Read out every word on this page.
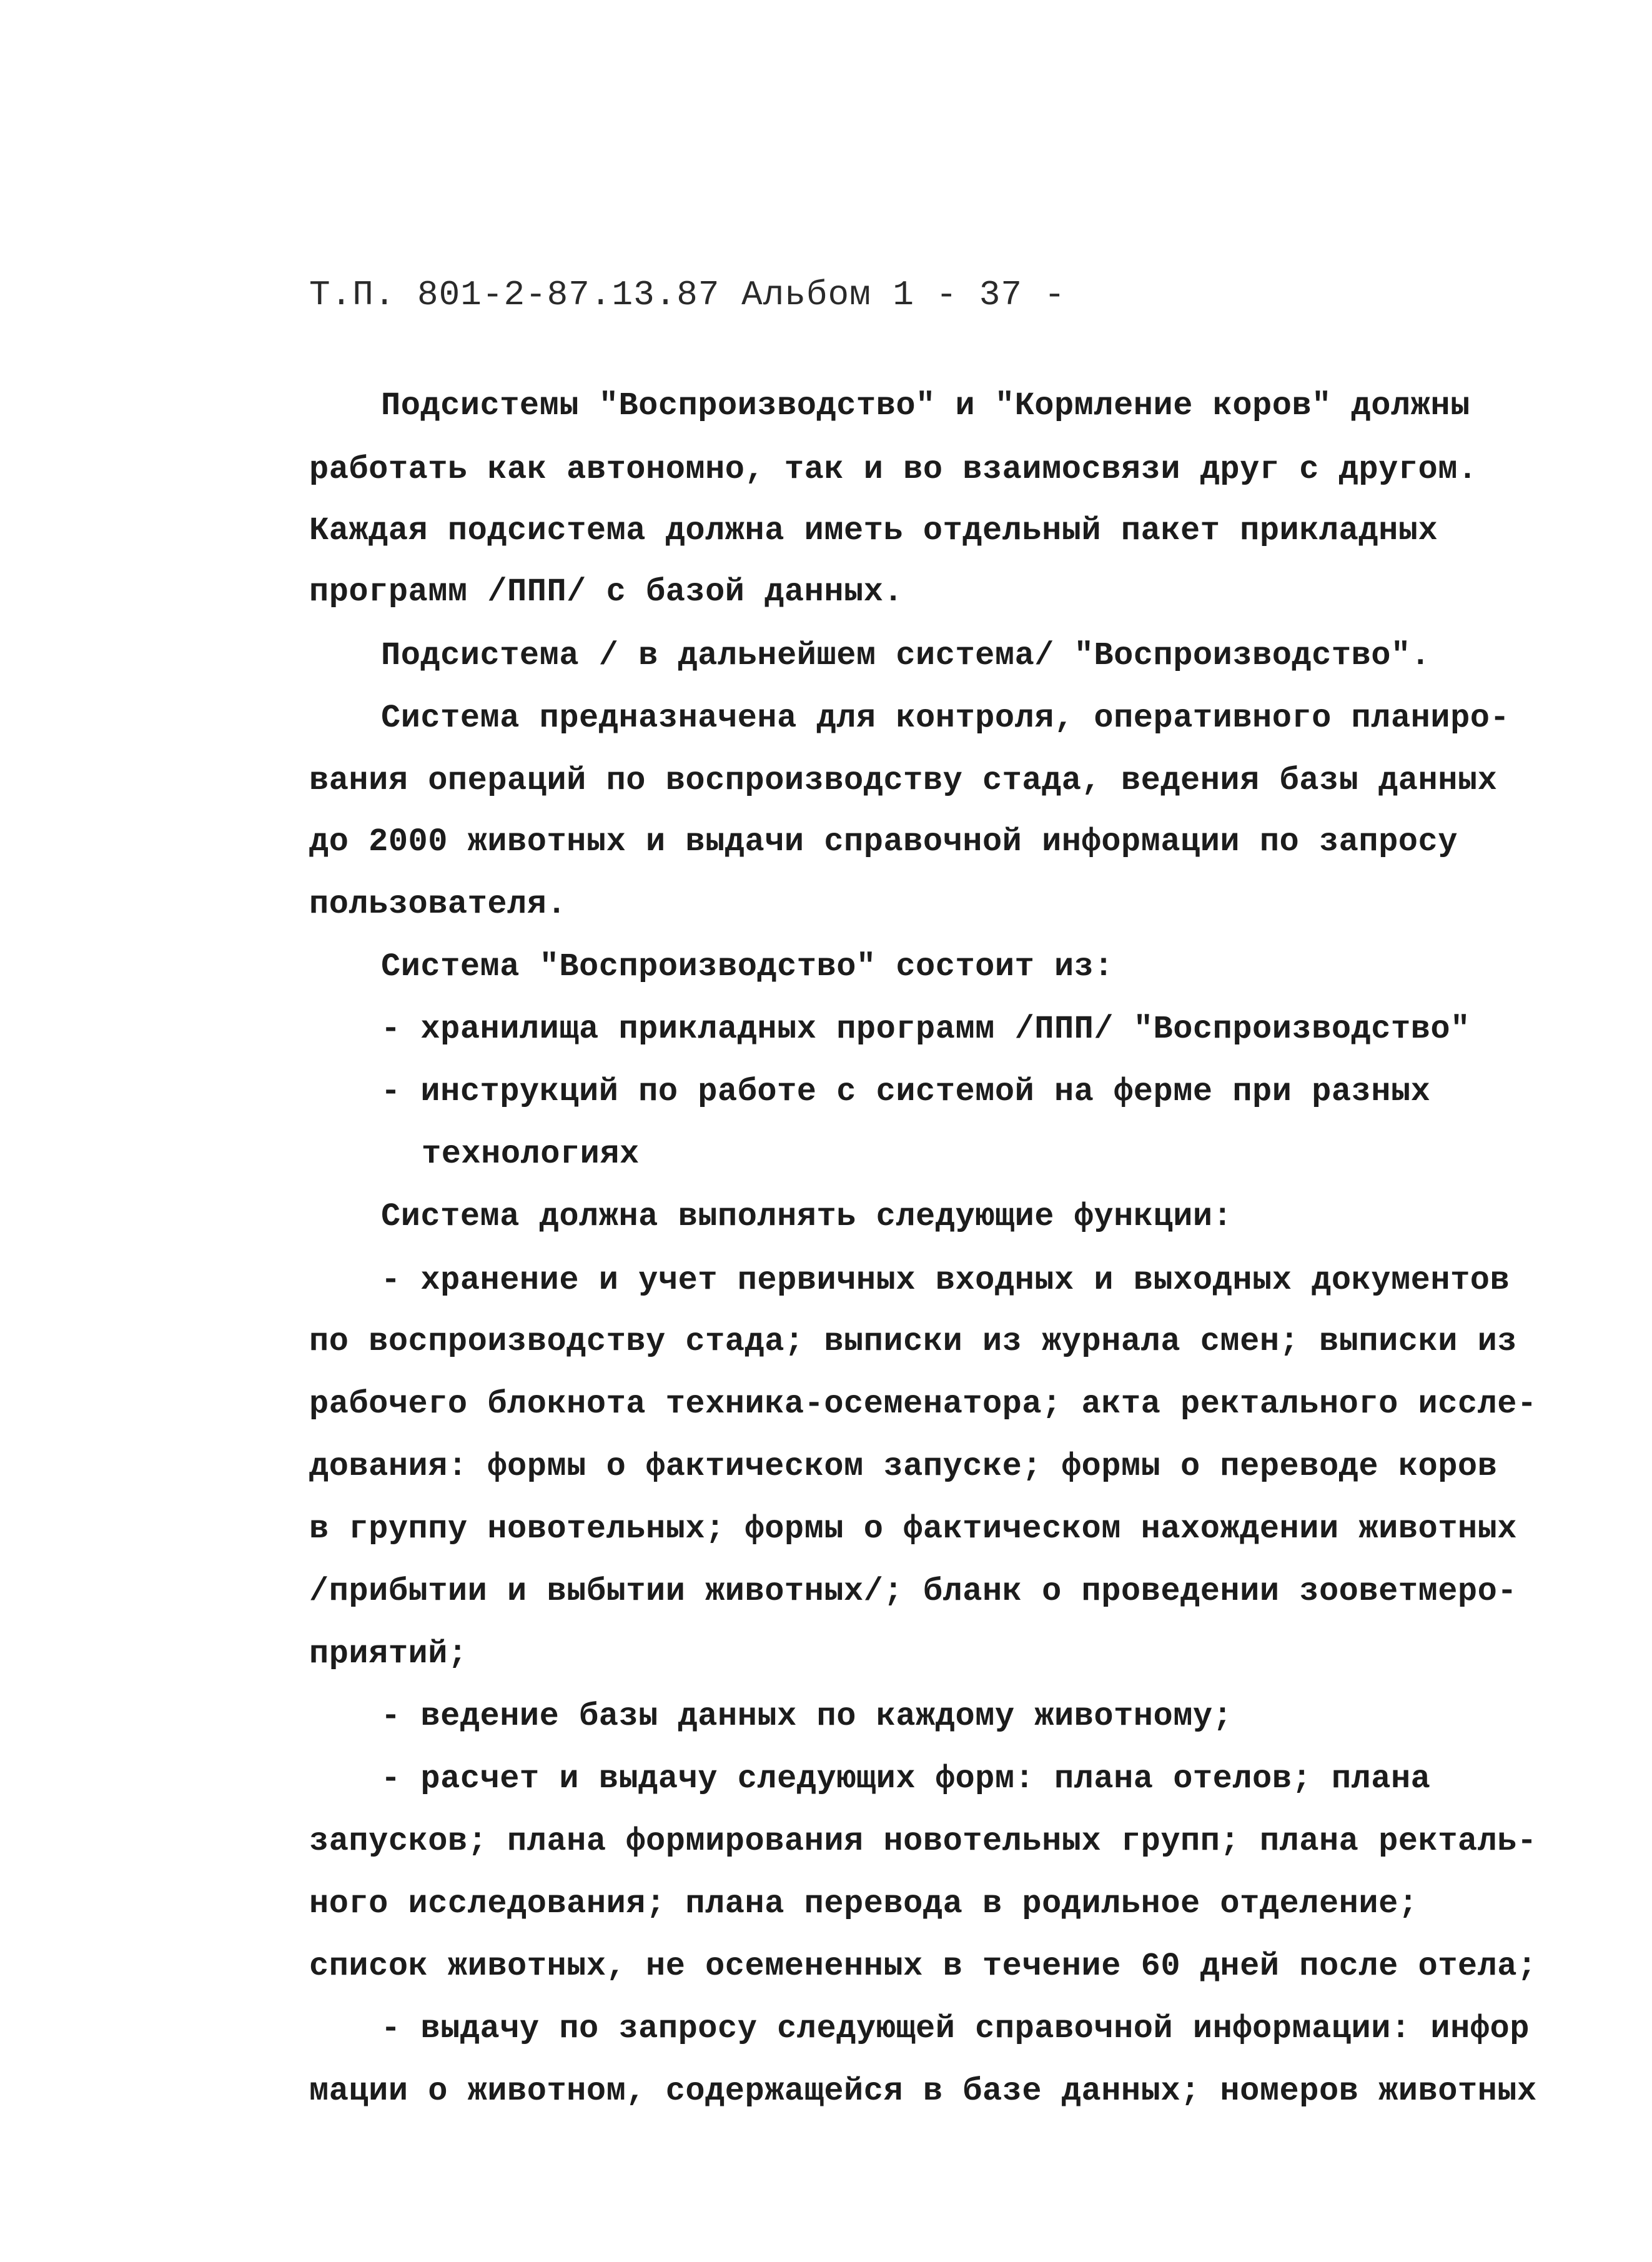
Т.П. 801-2-87.13.87 Альбом 1 - 37 -
Подсистемы "Воспроизводство" и "Кормление коров" должны
работать как автономно, так и во взаимосвязи друг с другом.
Каждая подсистема должна иметь отдельный пакет прикладных
программ /ППП/ с базой данных.
Подсистема / в дальнейшем система/ "Воспроизводство".
Система предназначена для контроля, оперативного планиро-
вания операций по воспроизводству стада, ведения базы данных
до 2000 животных и выдачи справочной информации по запросу
пользователя.
Система "Воспроизводство" состоит из:
- хранилища прикладных программ /ППП/ "Воспроизводство"
- инструкций по работе с системой на ферме при разных
технологиях
Система должна выполнять следующие функции:
- хранение и учет первичных входных и выходных документов
по воспроизводству стада; выписки из журнала смен; выписки из
рабочего блокнота техника-осеменатора; акта ректального иссле-
дования: формы о фактическом запуске; формы о переводе коров
в группу новотельных; формы о фактическом нахождении животных
/прибытии и выбытии животных/; бланк о проведении зооветмеро-
приятий;
- ведение базы данных по каждому животному;
- расчет и выдачу следующих форм: плана отелов; плана
запусков; плана формирования новотельных групп; плана ректаль-
ного исследования; плана перевода в родильное отделение;
список животных, не осемененных в течение 60 дней после отела;
- выдачу по запросу следующей справочной информации: инфор
мации о животном, содержащейся в базе данных; номеров животных
